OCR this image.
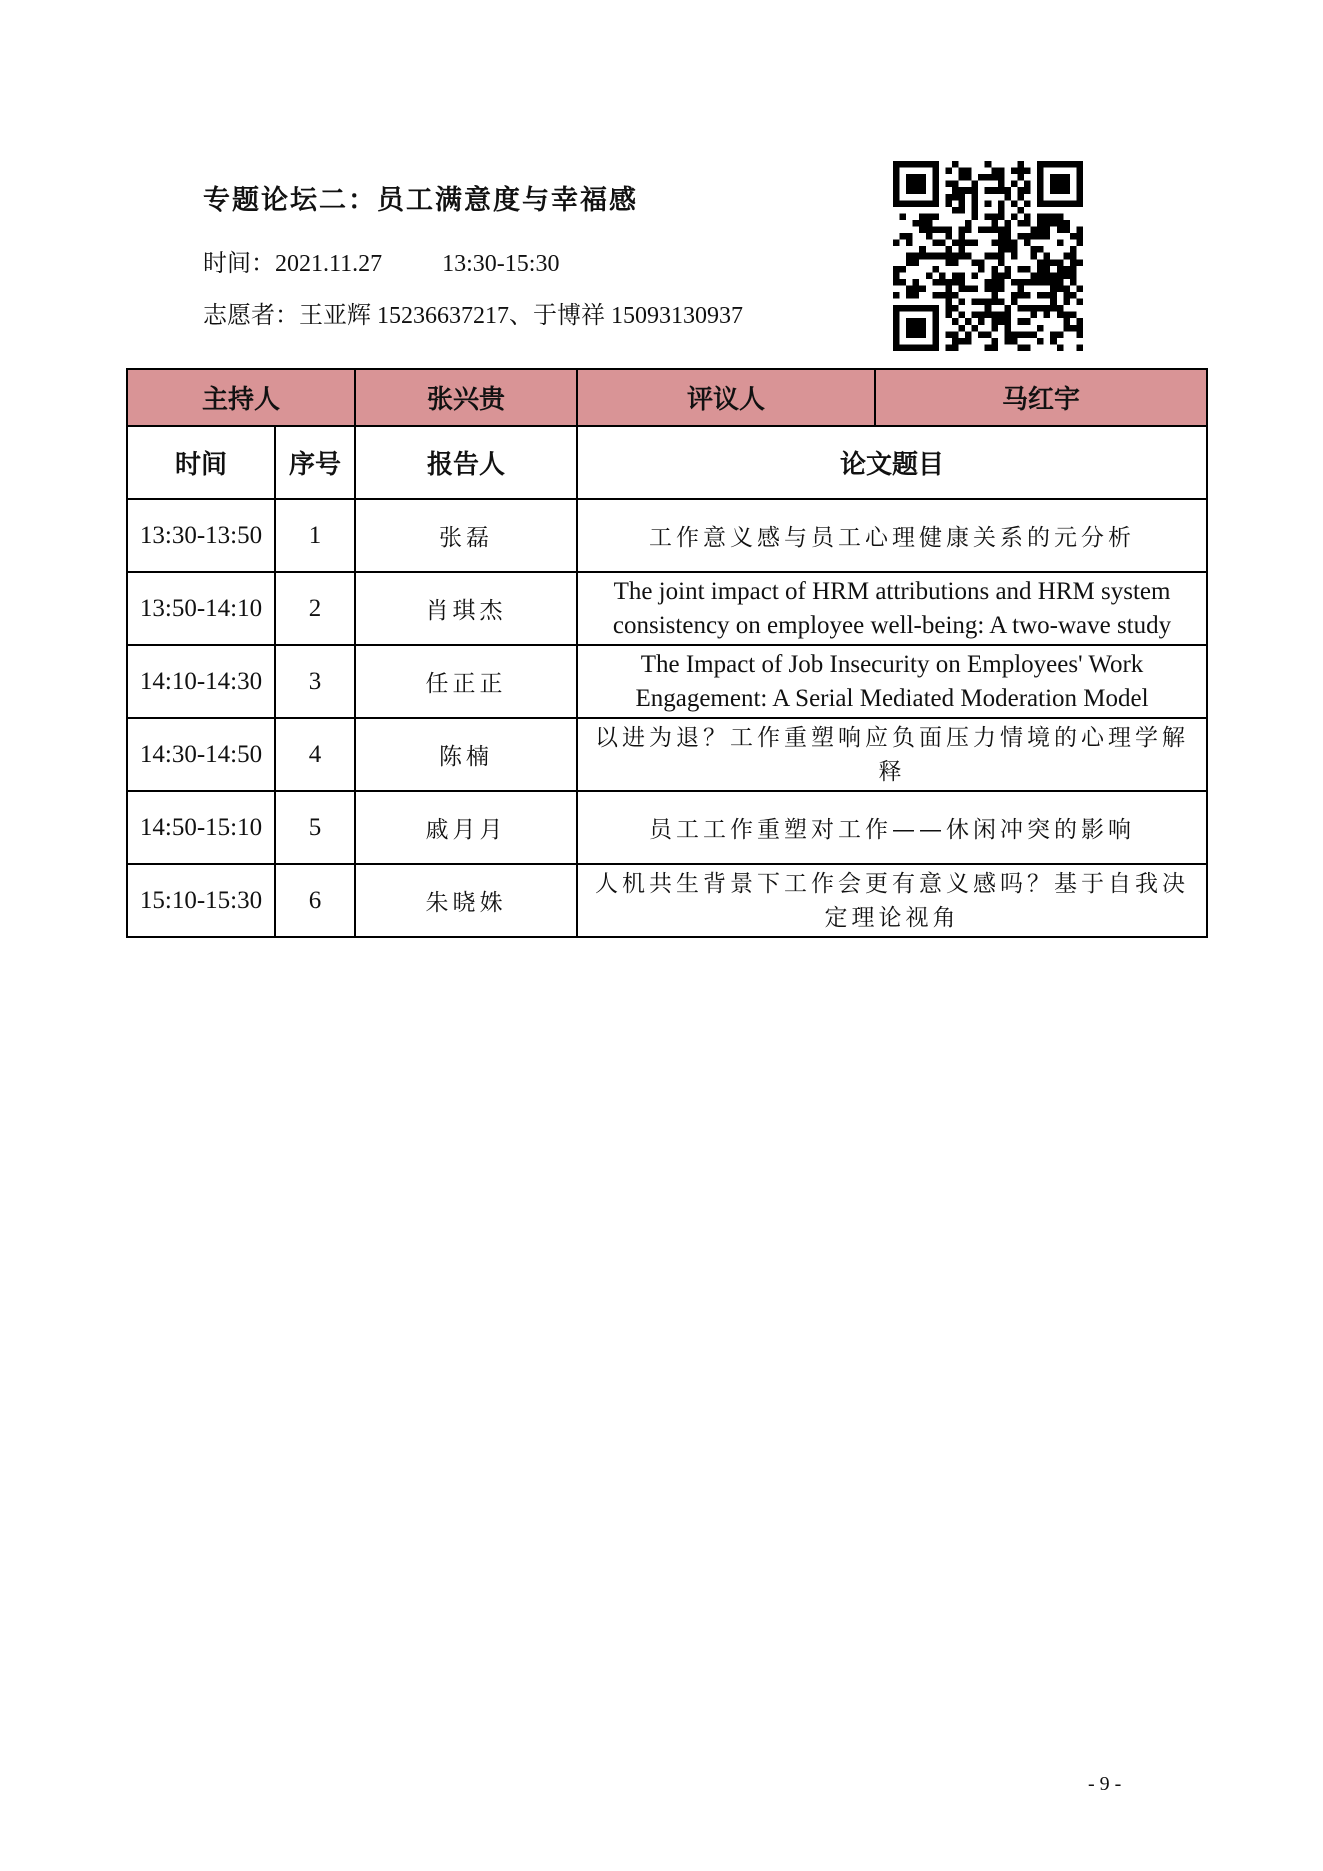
专题论坛二：员工满意度与幸福感
时间：2021.11.27	13:30-15:30
志愿者：王亚辉 15236637217、于博祥 15093130937
主持人		张兴贵	评议人	马红宇
时间	序号	报告人	论文题目	
13:30-13:50	1	张磊	工作意义感与员工心理健康关系的元分析	
13:50-14:10	2	肖琪杰	The joint impact of HRM attributions and HRM system consistency on employee well-being: A two-wave study	
14:10-14:30	3	任正正	The Impact of Job Insecurity on Employees' Work Engagement: A Serial Mediated Moderation Model	
14:30-14:50	4	陈楠	以进为退？工作重塑响应负面压力情境的心理学解释	
14:50-15:10	5	戚月月	员工工作重塑对工作——休闲冲突的影响	
15:10-15:30	6	朱晓姝	人机共生背景下工作会更有意义感吗？基于自我决定理论视角	
- 9 -
